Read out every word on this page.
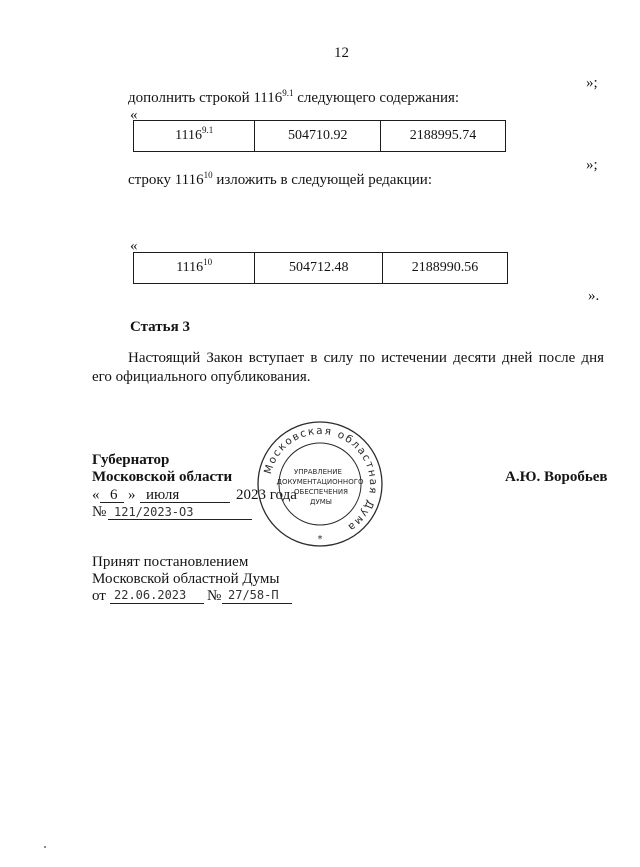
12
»;
дополнить строкой $1116^{9.1}$ следующего содержания:
«
$1116^{9.1}$	504710.92	2188995.74
»;
строку 1116$^{10}$ изложить в следующей редакции:
«
1116$^{10}$	504712.48	2188990.56
».
Статья 3
Настоящий Закон вступает в силу по истечении десяти дней после дня
его официального опубликования.
Губернатор
Московской области	А.Ю. Воробьев
« 6 » июля	2023 года
№ 121/2023-ОЗ
Московская областная Дума
УПРАВЛЕНИЕ
ДОКУМЕНТАЦИОННОГО
ОБЕСПЕЧЕНИЯ
ДУМЫ
*
Принят постановлением
Московской областной Думы
от 22.06.2023 № 27/58-П
